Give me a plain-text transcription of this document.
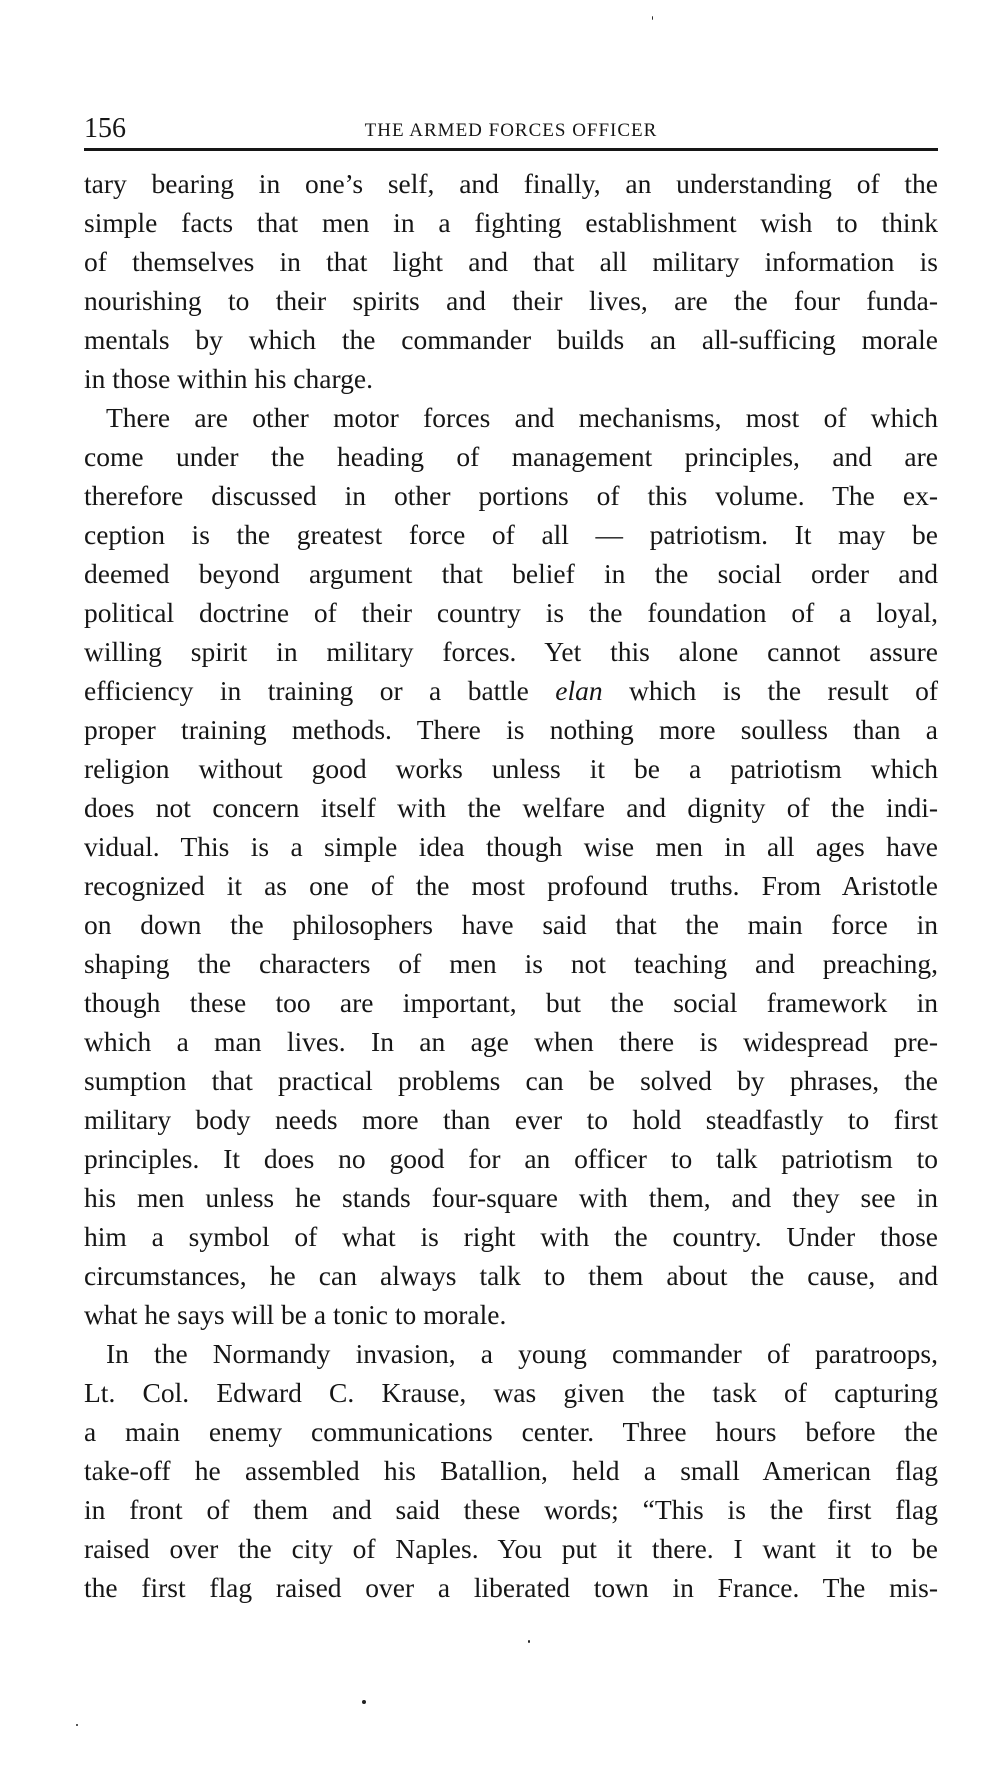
156	THE ARMED FORCES OFFICER
tary bearing in one’s self, and finally, an understanding of the
simple facts that men in a fighting establishment wish to think
of themselves in that light and that all military information is
nourishing to their spirits and their lives, are the four funda-
mentals by which the commander builds an all-sufficing morale
in those within his charge.
There are other motor forces and mechanisms, most of which
come under the heading of management principles, and are
therefore discussed in other portions of this volume. The ex-
ception is the greatest force of all — patriotism. It may be
deemed beyond argument that belief in the social order and
political doctrine of their country is the foundation of a loyal,
willing spirit in military forces. Yet this alone cannot assure
efficiency in training or a battle elan which is the result of
proper training methods. There is nothing more soulless than a
religion without good works unless it be a patriotism which
does not concern itself with the welfare and dignity of the indi-
vidual. This is a simple idea though wise men in all ages have
recognized it as one of the most profound truths. From Aristotle
on down the philosophers have said that the main force in
shaping the characters of men is not teaching and preaching,
though these too are important, but the social framework in
which a man lives. In an age when there is widespread pre-
sumption that practical problems can be solved by phrases, the
military body needs more than ever to hold steadfastly to first
principles. It does no good for an officer to talk patriotism to
his men unless he stands four-square with them, and they see in
him a symbol of what is right with the country. Under those
circumstances, he can always talk to them about the cause, and
what he says will be a tonic to morale.
In the Normandy invasion, a young commander of paratroops,
Lt. Col. Edward C. Krause, was given the task of capturing
a main enemy communications center. Three hours before the
take-off he assembled his Batallion, held a small American flag
in front of them and said these words; “This is the first flag
raised over the city of Naples. You put it there. I want it to be
the first flag raised over a liberated town in France. The mis-
